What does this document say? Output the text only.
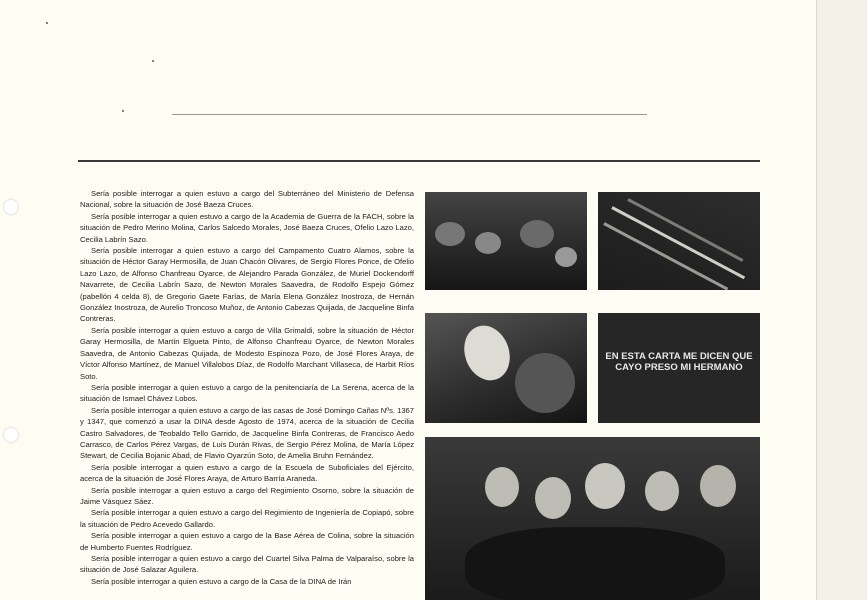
Sería posible interrogar a quien estuvo a cargo del Subterráneo del Ministerio de Defensa Nacional, sobre la situación de José Baeza Cruces.

Sería posible interrogar a quien estuvo a cargo de la Academia de Guerra de la FACH, sobre la situación de Pedro Merino Molina, Carlos Salcedo Morales, José Baeza Cruces, Ofelio Lazo Lazo, Cecilia Labrín Sazo.

Sería posible interrogar a quien estuvo a cargo del Campamento Cuatro Alamos, sobre la situación de Héctor Garay Hermosilla, de Juan Chacón Olivares, de Sergio Flores Ponce, de Ofelio Lazo Lazo, de Alfonso Chanfreau Oyarce, de Alejandro Parada González, de Muriel Dockendorff Navarrete, de Cecilia Labrín Sazo, de Newton Morales Saavedra, de Rodolfo Espejo Gómez (pabellón 4 celda 8), de Gregorio Gaete Farías, de María Elena González Inostroza, de Hernán González Inostroza, de Aurelio Troncoso Muñoz, de Antonio Cabezas Quijada, de Jacqueline Binfa Contreras.

Sería posible interrogar a quien estuvo a cargo de Villa Grimaldi, sobre la situación de Héctor Garay Hermosilla, de Martín Elgueta Pinto, de Alfonso Chanfreau Oyarce, de Newton Morales Saavedra, de Antonio Cabezas Quijada, de Modesto Espinoza Pozo, de José Flores Araya, de Víctor Alfonso Martínez, de Manuel Villalobos Díaz, de Rodolfo Marchant Villaseca, de Harbit Ríos Soto.

Sería posible interrogar a quien estuvo a cargo de la penitenciaría de La Serena, acerca de la situación de Ismael Chávez Lobos.

Sería posible interrogar a quien estuvo a cargo de las casas de José Domingo Cañas Nºs. 1367 y 1347, que comenzó a usar la DINA desde Agosto de 1974, acerca de la situación de Cecilia Castro Salvadores, de Teobaldo Tello Garrido, de Jacqueline Binfa Contreras, de Francisco Aedo Carrasco, de Carlos Pérez Vargas, de Luis Durán Rivas, de Sergio Pérez Molina, de María López Stewart, de Cecilia Bojanic Abad, de Flavio Oyarzún Soto, de Amelia Bruhn Fernández.

Sería posible interrogar a quien estuvo a cargo de la Escuela de Suboficiales del Ejército, acerca de la situación de José Flores Araya, de Arturo Barría Araneda.

Sería posible interrogar a quien estuvo a cargo del Regimiento Osorno, sobre la situación de Jaime Vásquez Sáez.

Sería posible interrogar a quien estuvo a cargo del Regimiento de Ingeniería de Copiapó, sobre la situación de Pedro Acevedo Gallardo.

Sería posible interrogar a quien estuvo a cargo de la Base Aérea de Colina, sobre la situación de Humberto Fuentes Rodríguez.

Sería posible interrogar a quien estuvo a cargo del Cuartel Silva Palma de Valparaíso, sobre la situación de José Salazar Aguilera.

Sería posible interrogar a quien estuvo a cargo de la Casa de la DINA de Irán

EN ESTA CARTA ME DICEN QUE CAYO PRESO MI HERMANO
